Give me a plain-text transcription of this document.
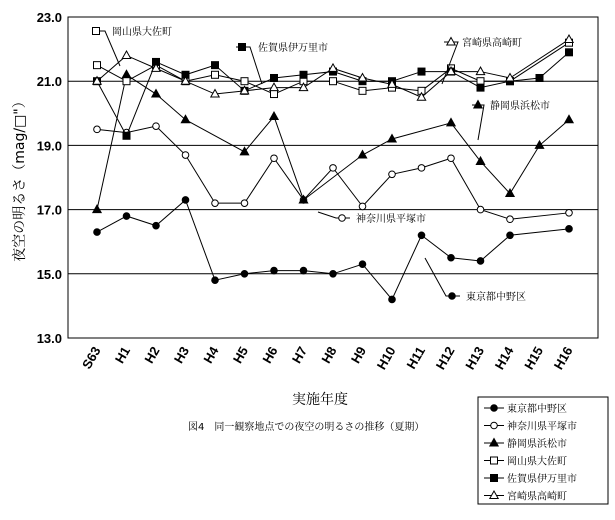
23.0
21.0
19.0
17.0
15.0
13.0
S63 H1 H2 H3 H4 H5 H6 H7 H8 H9 H10 H11 H12 H13 H14 H15 H16
実施年度
夜空の明るさ（mag/□"）
図4　同一観察地点での夜空の明るさの推移（夏期）
岡山県大佐町
佐賀県伊万里市	宮崎県高崎町
静岡県浜松市
神奈川県平塚市
東京都中野区
東京都中野区
神奈川県平塚市
静岡県浜松市
岡山県大佐町
佐賀県伊万里市
宮崎県高崎町
